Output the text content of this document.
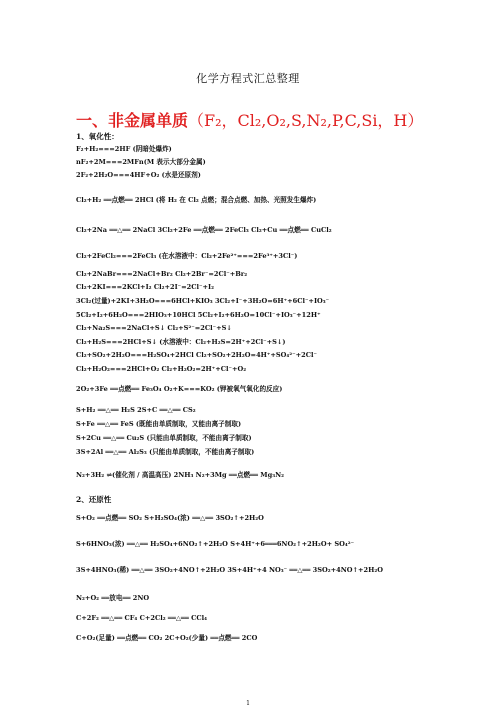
化学方程式汇总整理
一、非金属单质（F₂，Cl₂,O₂,S,N₂,P,C,Si，H）
1、氧化性：
F₂+H₂===2HF (阴暗处爆炸)
nF₂+2M===2MFn(M 表示大部分金属)
2F₂+2H₂O===4HF+O₂ (水是还原剂)
Cl₂+H₂ ══点燃══ 2HCl (将 H₂ 在 Cl₂ 点燃；混合点燃、加热、光照发生爆炸)
Cl₂+2Na ══△══ 2NaCl 3Cl₂+2Fe ══点燃══ 2FeCl₃ Cl₂+Cu ══点燃══ CuCl₂
Cl₂+2FeCl₂===2FeCl₃ (在水溶液中：Cl₂+2Fe²⁺===2Fe³⁺+3Cl⁻)
Cl₂+2NaBr===2NaCl+Br₂ Cl₂+2Br⁻=2Cl⁻+Br₂
Cl₂+2KI===2KCl+I₂ Cl₂+2I⁻=2Cl⁻+I₂
3Cl₂(过量)+2KI+3H₂O===6HCl+KIO₃ 3Cl₂+I⁻+3H₂O=6H⁺+6Cl⁻+IO₃⁻
5Cl₂+I₂+6H₂O===2HIO₃+10HCl 5Cl₂+I₂+6H₂O=10Cl⁻+IO₃⁻+12H⁺
Cl₂+Na₂S===2NaCl+S↓ Cl₂+S²⁻=2Cl⁻+S↓
Cl₂+H₂S===2HCl+S↓ (水溶液中：Cl₂+H₂S=2H⁺+2Cl⁻+S↓)
Cl₂+SO₂+2H₂O===H₂SO₄+2HCl Cl₂+SO₂+2H₂O=4H⁺+SO₄²⁻+2Cl⁻
Cl₂+H₂O₂===2HCl+O₂ Cl₂+H₂O₂=2H⁺+Cl⁻+O₂
2O₂+3Fe ══点燃══ Fe₃O₄ O₂+K===KO₂ (钾被氧气氧化的反应)
S+H₂ ══△══ H₂S 2S+C ══△══ CS₂
S+Fe ══△══ FeS (既能由单质制取，又能由离子制取)
S+2Cu ══△══ Cu₂S (只能由单质制取，不能由离子制取)
3S+2Al ══△══ Al₂S₃ (只能由单质制取，不能由离子制取)
N₂+3H₂ ⇌(催化剂 / 高温高压) 2NH₃ N₂+3Mg ══点燃══ Mg₃N₂
2、还原性
S+O₂ ══点燃══ SO₂ S+H₂SO₄(浓) ══△══ 3SO₂↑+2H₂O
S+6HNO₃(浓) ══△══ H₂SO₄+6NO₂↑+2H₂O S+4H⁺+6═══6NO₂↑+2H₂O+ SO₄²⁻
3S+4HNO₃(稀) ══△══ 3SO₂+4NO↑+2H₂O 3S+4H⁺+4 NO₃⁻ ══△══ 3SO₂+4NO↑+2H₂O
N₂+O₂ ══放电══ 2NO
C+2F₂ ══△══ CF₄ C+2Cl₂ ══△══ CCl₄
C+O₂(足量) ══点燃══ CO₂ 2C+O₂(少量) ══点燃══ 2CO
1
